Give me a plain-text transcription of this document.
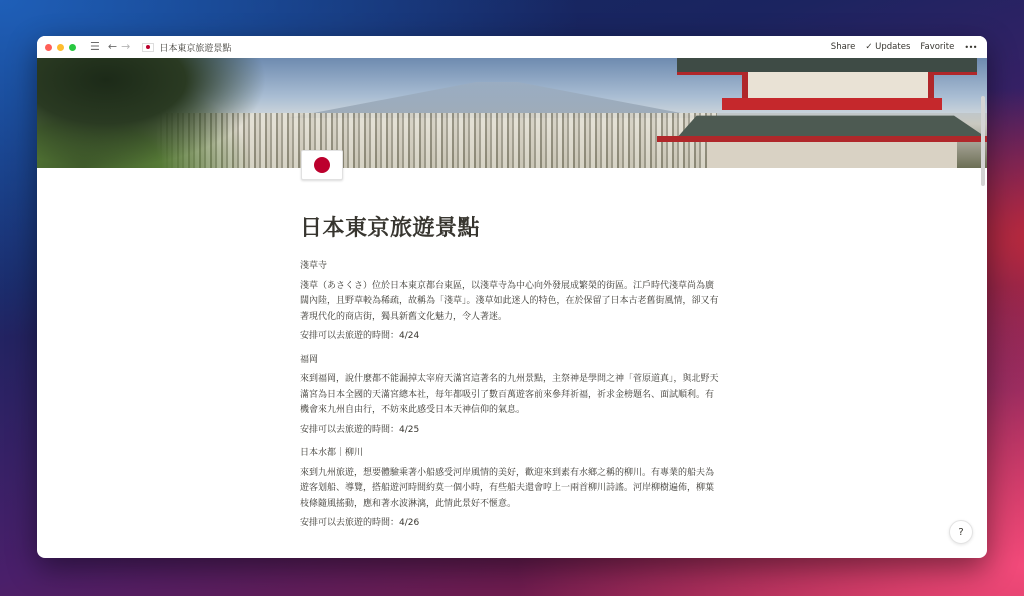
☰ ← →	日本東京旅遊景點	Share ✓ Updates Favorite •••
日本東京旅遊景點

淺草寺

淺草（あさくさ）位於日本東京都台東區，以淺草寺為中心向外發展成繁榮的街區。江戶時代淺草尚為廣闊內陸，且野草較為稀疏，故稱為「淺草」。淺草如此迷人的特色，在於保留了日本古老舊街風情，卻又有著現代化的商店街，獨具新舊文化魅力，令人著迷。

安排可以去旅遊的時間：4/24

福岡

來到福岡，說什麼都不能漏掉太宰府天滿宮這著名的九州景點，主祭神是學問之神「菅原道真」，與北野天滿宮為日本全國的天滿宮總本社，每年都吸引了數百萬遊客前來參拜祈福，祈求金榜題名、面試順利。有機會來九州自由行，不妨來此感受日本天神信仰的氣息。

安排可以去旅遊的時間：4/25

日本水都｜柳川

來到九州旅遊，想要體驗乘著小船感受河岸風情的美好，歡迎來到素有水鄉之稱的柳川。有專業的船夫為遊客划船、導覽，搭船遊河時間約莫一個小時，有些船夫還會哼上一兩首柳川詩謠。河岸柳樹遍佈，柳葉枝條隨風搖動，應和著水波淋漓，此情此景好不愜意。

安排可以去旅遊的時間：4/26

?
